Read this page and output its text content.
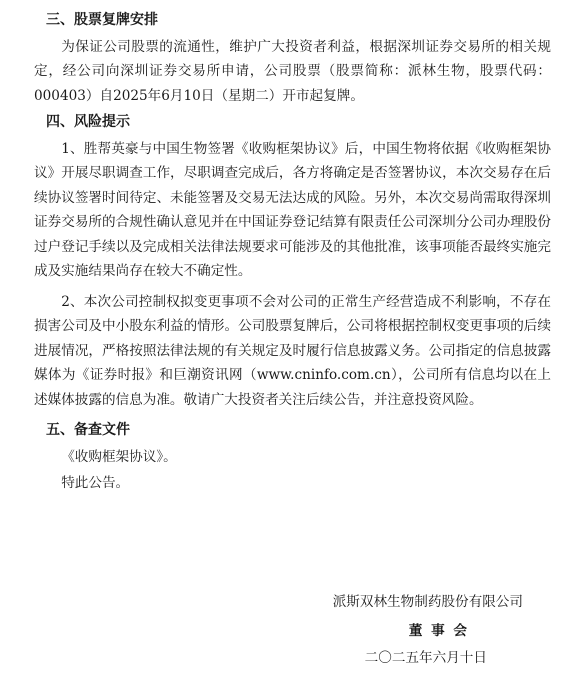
三、股票复牌安排

为保证公司股票的流通性，维护广大投资者利益，根据深圳证券交易所的相关规定，经公司向深圳证券交易所申请，公司股票（股票简称：派林生物，股票代码：000403）自2025年6月10日（星期二）开市起复牌。

四、风险提示

1、胜帮英豪与中国生物签署《收购框架协议》后，中国生物将依据《收购框架协议》开展尽职调查工作，尽职调查完成后，各方将确定是否签署协议，本次交易存在后续协议签署时间待定、未能签署及交易无法达成的风险。另外，本次交易尚需取得深圳证券交易所的合规性确认意见并在中国证券登记结算有限责任公司深圳分公司办理股份过户登记手续以及完成相关法律法规要求可能涉及的其他批准，该事项能否最终实施完成及实施结果尚存在较大不确定性。

2、本次公司控制权拟变更事项不会对公司的正常生产经营造成不利影响，不存在损害公司及中小股东利益的情形。公司股票复牌后，公司将根据控制权变更事项的后续进展情况，严格按照法律法规的有关规定及时履行信息披露义务。公司指定的信息披露媒体为《证券时报》和巨潮资讯网（www.cninfo.com.cn），公司所有信息均以在上述媒体披露的信息为准。敬请广大投资者关注后续公告，并注意投资风险。

五、备查文件

《收购框架协议》。

特此公告。

派斯双林生物制药股份有限公司
董 事 会
二〇二五年六月十日
